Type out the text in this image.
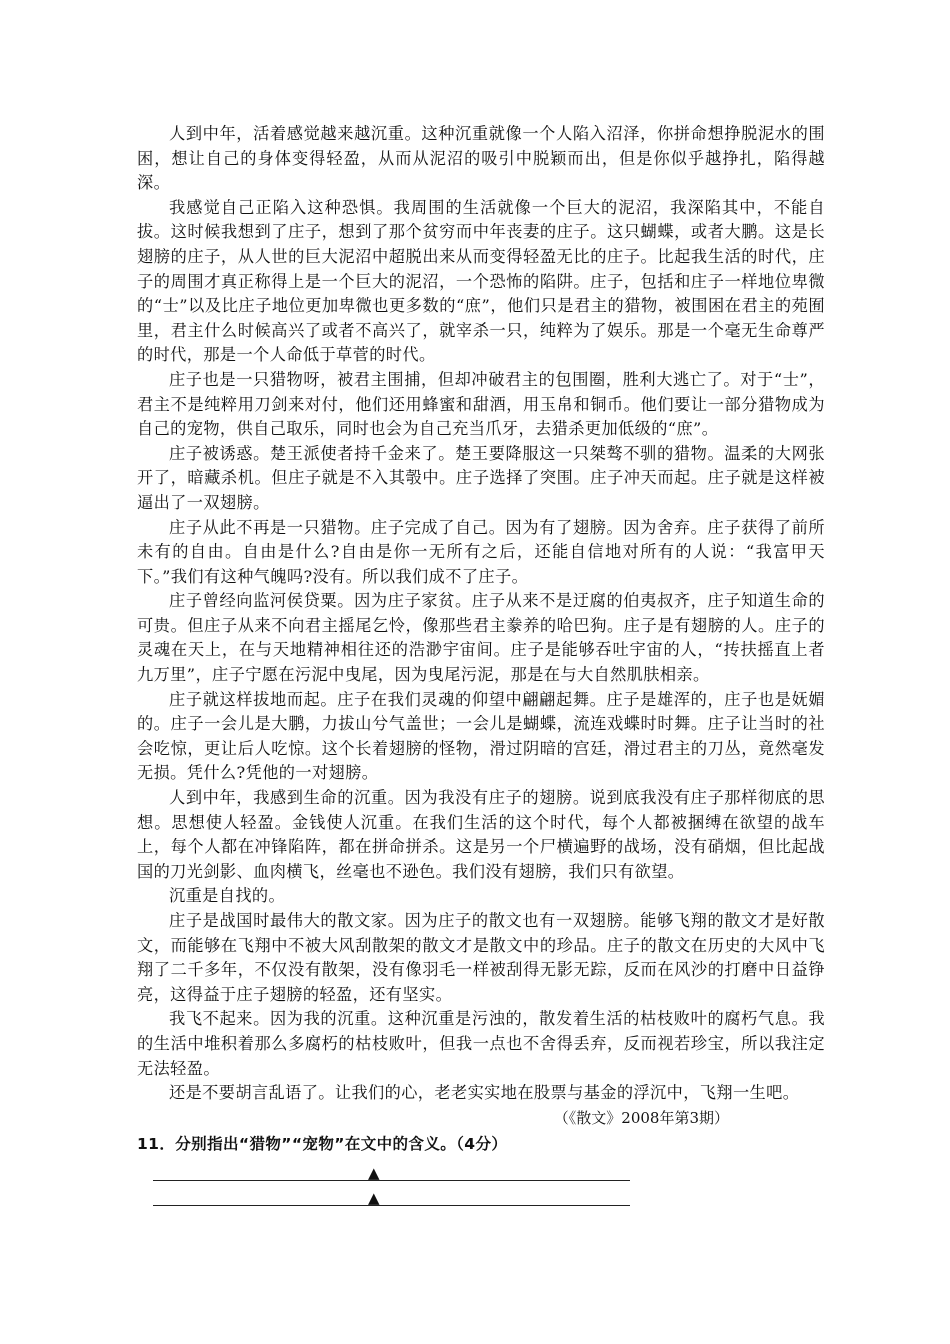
人到中年，活着感觉越来越沉重。这种沉重就像一个人陷入沼泽，你拼命想挣脱泥水的围困，想让自己的身体变得轻盈，从而从泥沼的吸引中脱颖而出，但是你似乎越挣扎，陷得越深。

我感觉自己正陷入这种恐惧。我周围的生活就像一个巨大的泥沼，我深陷其中，不能自拔。这时候我想到了庄子，想到了那个贫穷而中年丧妻的庄子。这只蝴蝶，或者大鹏。这是长翅膀的庄子，从人世的巨大泥沼中超脱出来从而变得轻盈无比的庄子。比起我生活的时代，庄子的周围才真正称得上是一个巨大的泥沼，一个恐怖的陷阱。庄子，包括和庄子一样地位卑微的“士”以及比庄子地位更加卑微也更多数的“庶”，他们只是君主的猎物，被围困在君主的苑囿里，君主什么时候高兴了或者不高兴了，就宰杀一只，纯粹为了娱乐。那是一个毫无生命尊严的时代，那是一个人命低于草菅的时代。

庄子也是一只猎物呀，被君主围捕，但却冲破君主的包围圈，胜利大逃亡了。对于“士”，君主不是纯粹用刀剑来对付，他们还用蜂蜜和甜酒，用玉帛和铜币。他们要让一部分猎物成为自己的宠物，供自己取乐，同时也会为自己充当爪牙，去猎杀更加低级的“庶”。

庄子被诱惑。楚王派使者持千金来了。楚王要降服这一只桀骜不驯的猎物。温柔的大网张开了，暗藏杀机。但庄子就是不入其彀中。庄子选择了突围。庄子冲天而起。庄子就是这样被逼出了一双翅膀。

庄子从此不再是一只猎物。庄子完成了自己。因为有了翅膀。因为舍弃。庄子获得了前所未有的自由。自由是什么?自由是你一无所有之后，还能自信地对所有的人说：“我富甲天下。”我们有这种气魄吗?没有。所以我们成不了庄子。

庄子曾经向监河侯贷粟。因为庄子家贫。庄子从来不是迂腐的伯夷叔齐，庄子知道生命的可贵。但庄子从来不向君主摇尾乞怜，像那些君主豢养的哈巴狗。庄子是有翅膀的人。庄子的灵魂在天上，在与天地精神相往还的浩渺宇宙间。庄子是能够吞吐宇宙的人，“抟扶摇直上者九万里”，庄子宁愿在污泥中曳尾，因为曳尾污泥，那是在与大自然肌肤相亲。

庄子就这样拔地而起。庄子在我们灵魂的仰望中翩翩起舞。庄子是雄浑的，庄子也是妩媚的。庄子一会儿是大鹏，力拔山兮气盖世；一会儿是蝴蝶，流连戏蝶时时舞。庄子让当时的社会吃惊，更让后人吃惊。这个长着翅膀的怪物，滑过阴暗的宫廷，滑过君主的刀丛，竟然毫发无损。凭什么?凭他的一对翅膀。

人到中年，我感到生命的沉重。因为我没有庄子的翅膀。说到底我没有庄子那样彻底的思想。思想使人轻盈。金钱使人沉重。在我们生活的这个时代，每个人都被捆缚在欲望的战车上，每个人都在冲锋陷阵，都在拼命拼杀。这是另一个尸横遍野的战场，没有硝烟，但比起战国的刀光剑影、血肉横飞，丝毫也不逊色。我们没有翅膀，我们只有欲望。

沉重是自找的。

庄子是战国时最伟大的散文家。因为庄子的散文也有一双翅膀。能够飞翔的散文才是好散文，而能够在飞翔中不被大风刮散架的散文才是散文中的珍品。庄子的散文在历史的大风中飞翔了二千多年，不仅没有散架，没有像羽毛一样被刮得无影无踪，反而在风沙的打磨中日益铮亮，这得益于庄子翅膀的轻盈，还有坚实。

我飞不起来。因为我的沉重。这种沉重是污浊的，散发着生活的枯枝败叶的腐朽气息。我的生活中堆积着那么多腐朽的枯枝败叶，但我一点也不舍得丢弃，反而视若珍宝，所以我注定无法轻盈。

还是不要胡言乱语了。让我们的心，老老实实地在股票与基金的浮沉中，飞翔一生吧。

（《散文》2008年第3期）
11．分别指出“猎物”“宠物”在文中的含义。（4分）
▲
▲
